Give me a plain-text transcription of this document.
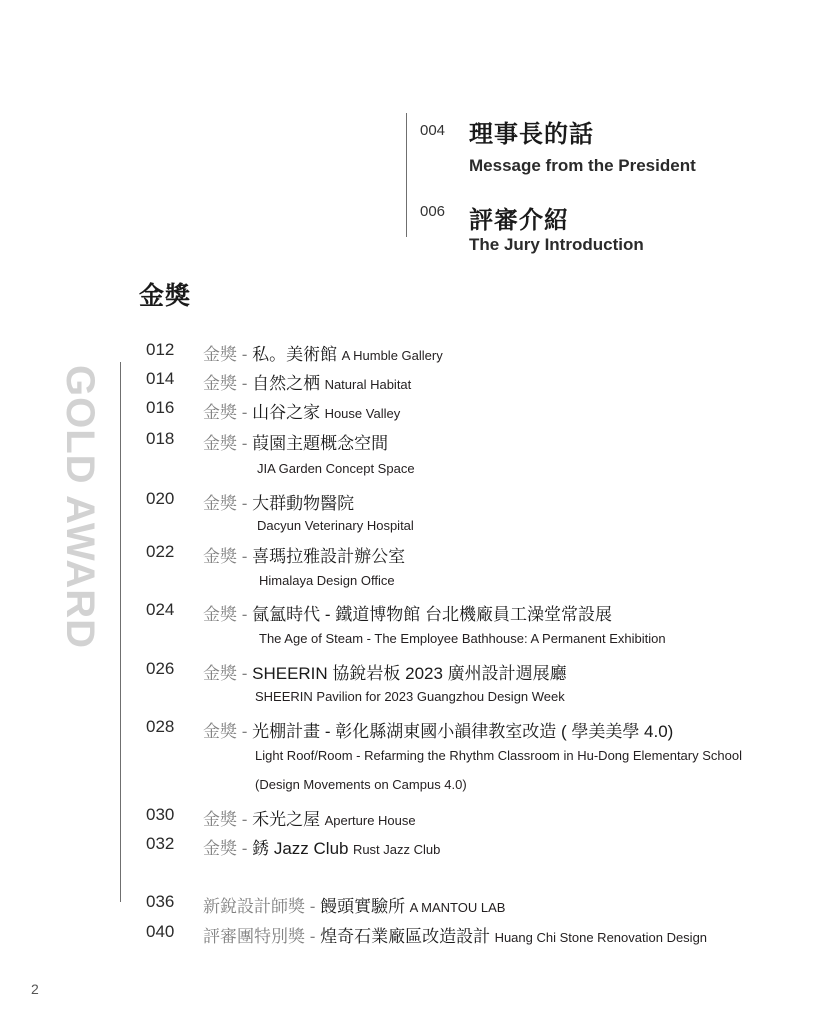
004 理事長的話
Message from the President
006 評審介紹
The Jury Introduction
金獎
GOLD AWARD
012 金獎 - 私。美術館 A Humble Gallery
014 金獎 - 自然之栖 Natural Habitat
016 金獎 - 山谷之家 House Valley
018 金獎 - 葭園主題概念空間
JIA Garden Concept Space
020 金獎 - 大群動物醫院
Dacyun Veterinary Hospital
022 金獎 - 喜瑪拉雅設計辦公室
Himalaya Design Office
024 金獎 - 氤氳時代 - 鐵道博物館 台北機廠員工澡堂常設展
The Age of Steam - The Employee Bathhouse: A Permanent Exhibition
026 金獎 - SHEERIN 協銳岩板 2023 廣州設計週展廳
SHEERIN Pavilion for 2023 Guangzhou Design Week
028 金獎 - 光棚計畫 - 彰化縣湖東國小韻律教室改造 ( 學美美學 4.0)
Light Roof/Room - Refarming the Rhythm Classroom in Hu-Dong Elementary School
(Design Movements on Campus 4.0)
030 金獎 - 禾光之屋 Aperture House
032 金獎 - 銹 Jazz Club Rust Jazz Club
036 新銳設計師獎 - 饅頭實驗所 A MANTOU LAB
040 評審團特別獎 - 煌奇石業廠區改造設計 Huang Chi Stone Renovation Design
2
